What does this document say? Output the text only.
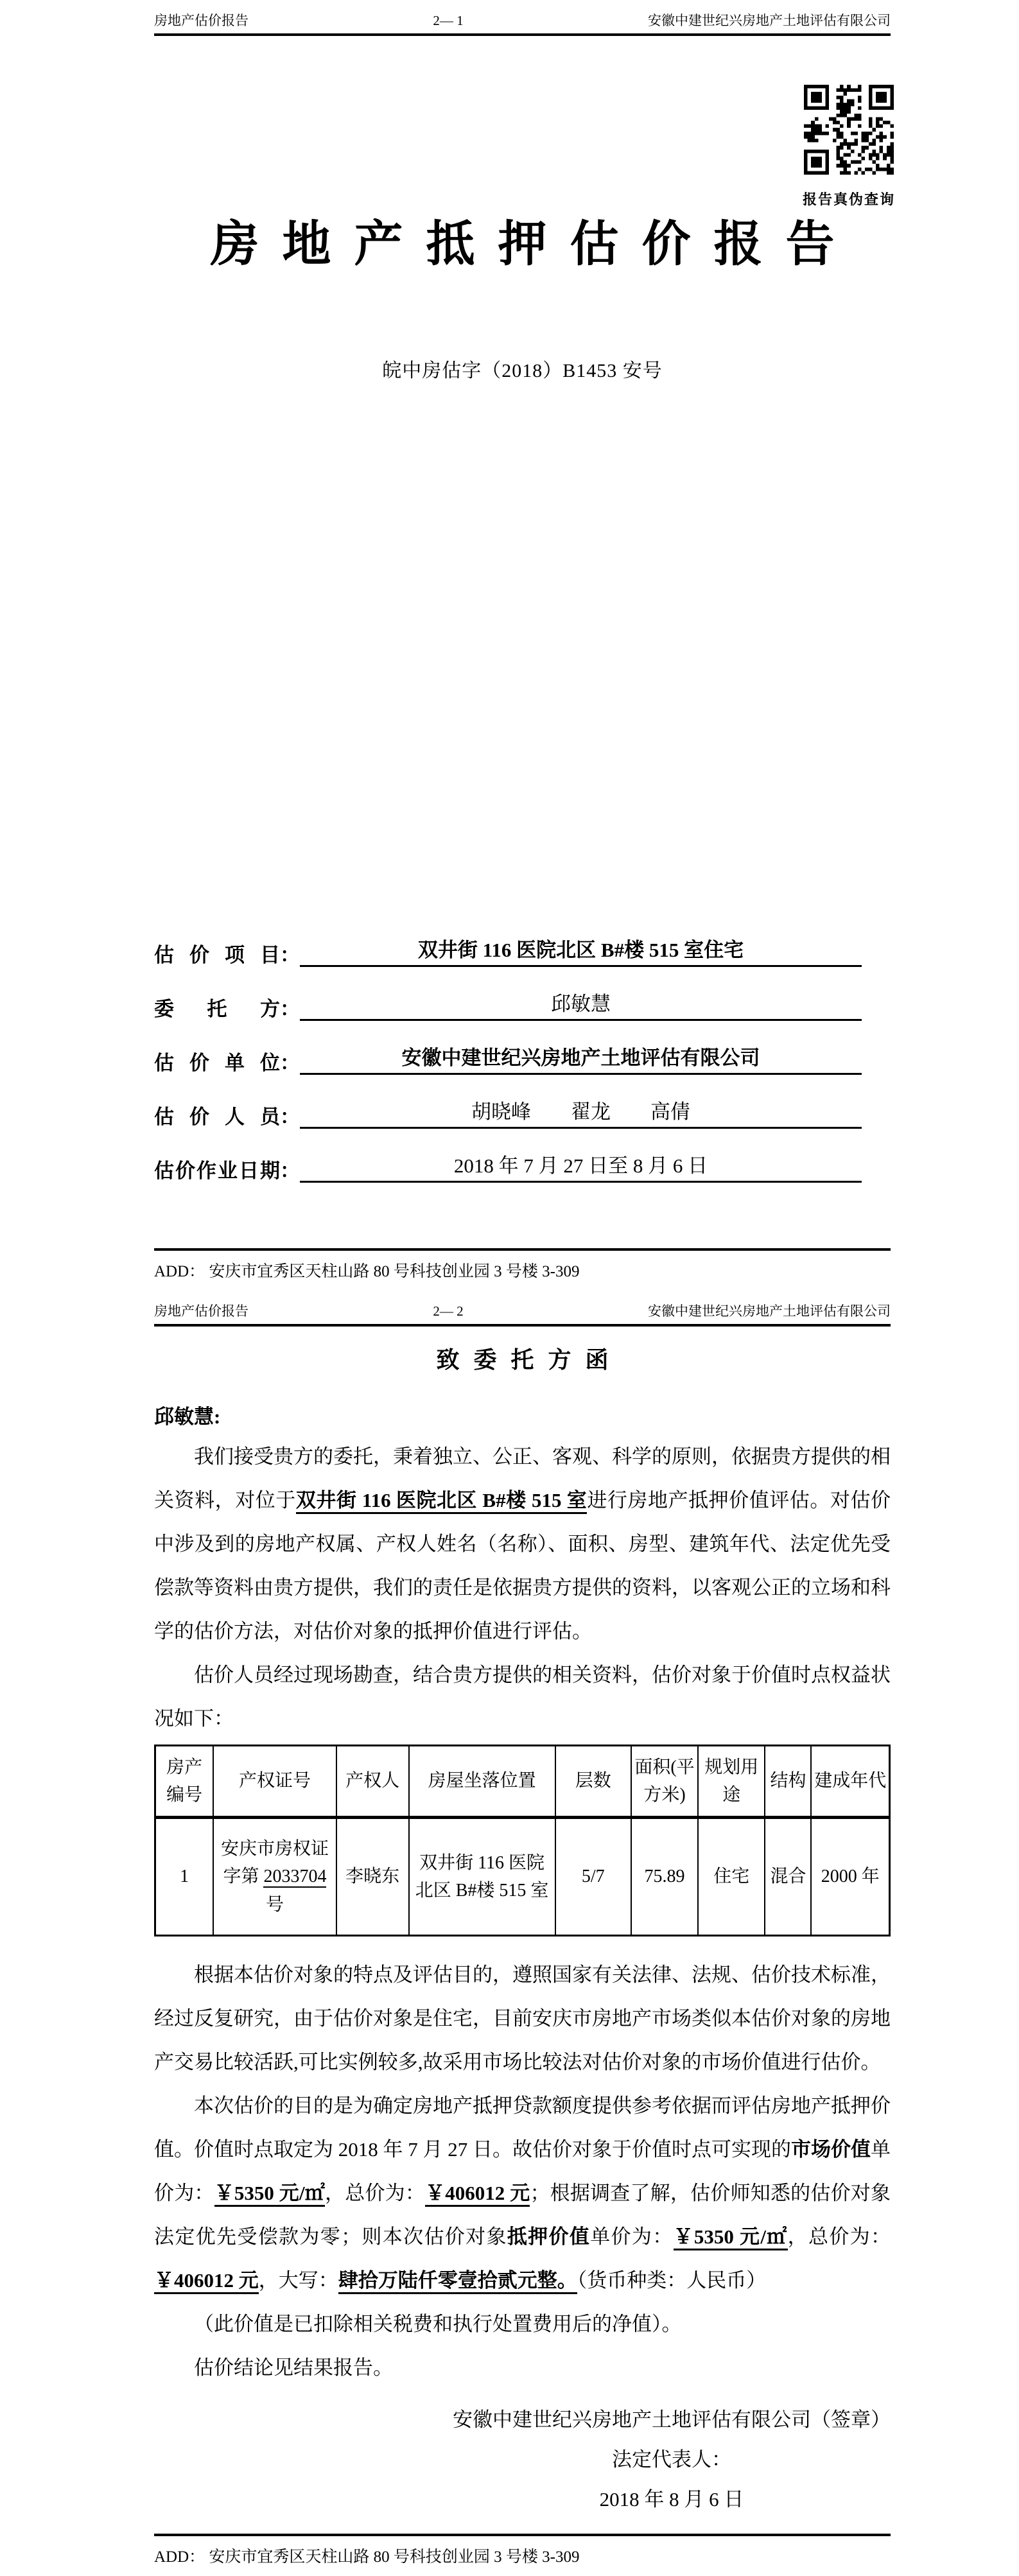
房地产估价报告	2— 1	安徽中建世纪兴房地产土地评估有限公司
报告真伪查询
房地产抵押估价报告
皖中房估字（2018）B1453 安号
估价项目 ：	双井街 116 医院北区 B#楼 515 室住宅
委托方 ：	邱敏慧
估价单位 ：	安徽中建世纪兴房地产土地评估有限公司
估价人员 ：	胡晓峰　　翟龙　　高倩
估价作业日期 ：	2018 年 7 月 27 日至 8 月 6 日
ADD： 安庆市宜秀区天柱山路 80 号科技创业园 3 号楼 3-309
房地产估价报告	2— 2	安徽中建世纪兴房地产土地评估有限公司
致委托方函

邱敏慧:

我们接受贵方的委托，秉着独立、公正、客观、科学的原则，依据贵方提供的相关资料，对位于双井街 116 医院北区 B#楼 515 室进行房地产抵押价值评估。对估价中涉及到的房地产权属、产权人姓名（名称）、面积、房型、建筑年代、法定优先受偿款等资料由贵方提供，我们的责任是依据贵方提供的资料，以客观公正的立场和科学的估价方法，对估价对象的抵押价值进行评估。

估价人员经过现场勘查，结合贵方提供的相关资料，估价对象于价值时点权益状况如下：

房产编号	产权证号	产权人	房屋坐落位置	层数	面积(平方米)	规划用途	结构	建成年代
1	安庆市房权证字第 2033704 号	李晓东	双井街 116 医院北区 B#楼 515 室	5/7	75.89	住宅	混合	2000 年

根据本估价对象的特点及评估目的，遵照国家有关法律、法规、估价技术标准，经过反复研究，由于估价对象是住宅，目前安庆市房地产市场类似本估价对象的房地产交易比较活跃,可比实例较多,故采用市场比较法对估价对象的市场价值进行估价。

本次估价的目的是为确定房地产抵押贷款额度提供参考依据而评估房地产抵押价值。价值时点取定为 2018 年 7 月 27 日。故估价对象于价值时点可实现的市场价值单价为：￥5350 元/㎡，总价为：￥406012 元；根据调查了解，估价师知悉的估价对象法定优先受偿款为零；则本次估价对象抵押价值单价为：￥5350 元/㎡，总价为：￥406012 元，大写：肆拾万陆仟零壹拾贰元整。（货币种类：人民币）

（此价值是已扣除相关税费和执行处置费用后的净值）。

估价结论见结果报告。

安徽中建世纪兴房地产土地评估有限公司（签章）
法定代表人：
2018 年 8 月 6 日
ADD： 安庆市宜秀区天柱山路 80 号科技创业园 3 号楼 3-309
